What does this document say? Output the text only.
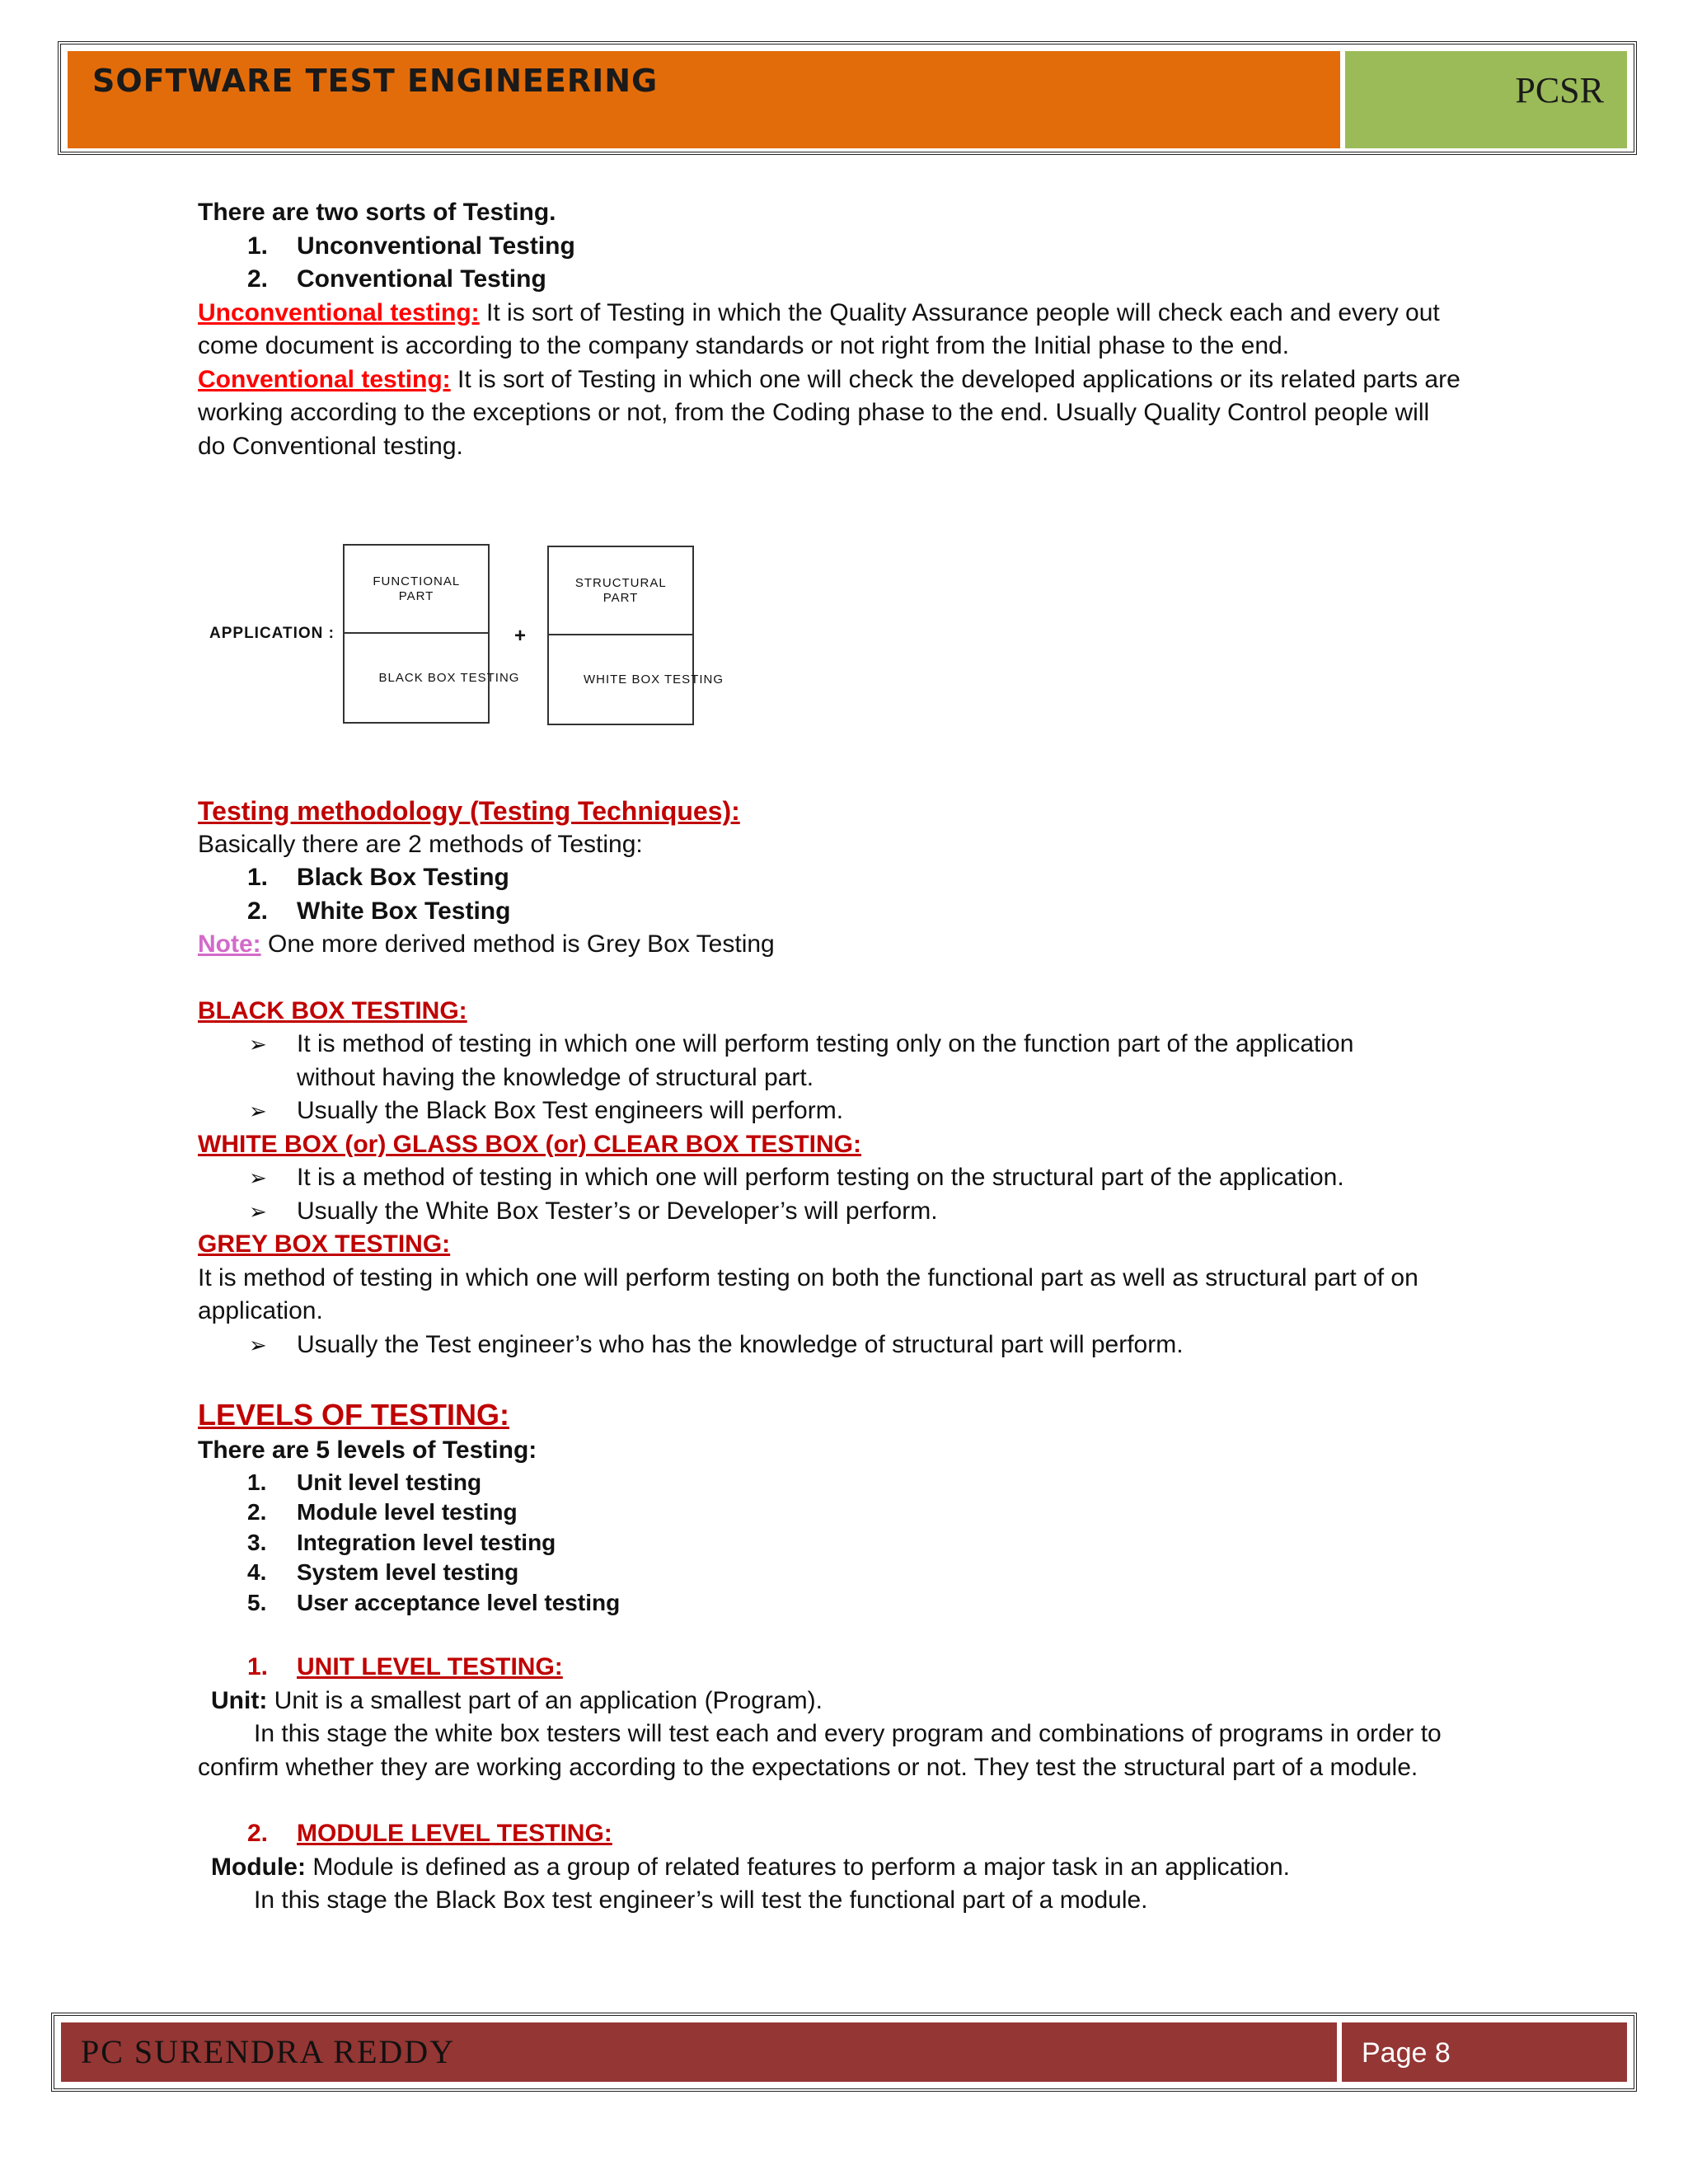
SOFTWARE TEST ENGINEERING	PCSR
APPLICATION :
FUNCTIONAL PART
BLACK BOX TESTING
+
STRUCTURAL PART
WHITE BOX TESTING

There are two sorts of Testing.

1. Unconventional Testing
2. Conventional Testing

Unconventional testing: It is sort of Testing in which the Quality Assurance people will check each and every out
come document is according to the company standards or not right from the Initial phase to the end.

Conventional testing: It is sort of Testing in which one will check the developed applications or its related parts are
working according to the exceptions or not, from the Coding phase to the end. Usually Quality Control people will
do Conventional testing.

Testing methodology (Testing Techniques):

Basically there are 2 methods of Testing:

1. Black Box Testing
2. White Box Testing

Note: One more derived method is Grey Box Testing

BLACK BOX TESTING:

➢ It is method of testing in which one will perform testing only on the function part of the application
without having the knowledge of structural part.
➢ Usually the Black Box Test engineers will perform.

WHITE BOX (or) GLASS BOX (or) CLEAR BOX TESTING:

➢ It is a method of testing in which one will perform testing on the structural part of the application.
➢ Usually the White Box Tester’s or Developer’s will perform.

GREY BOX TESTING:

It is method of testing in which one will perform testing on both the functional part as well as structural part of on
application.

➢ Usually the Test engineer’s who has the knowledge of structural part will perform.

LEVELS OF TESTING:

There are 5 levels of Testing:

1. Unit level testing
2. Module level testing
3. Integration level testing
4. System level testing
5. User acceptance level testing

1. UNIT LEVEL TESTING:

Unit: Unit is a smallest part of an application (Program).

In this stage the white box testers will test each and every program and combinations of programs in order to
confirm whether they are working according to the expectations or not. They test the structural part of a module.

2. MODULE LEVEL TESTING:

Module: Module is defined as a group of related features to perform a major task in an application.

In this stage the Black Box test engineer’s will test the functional part of a module.

PC SURENDRA REDDY	Page 8
